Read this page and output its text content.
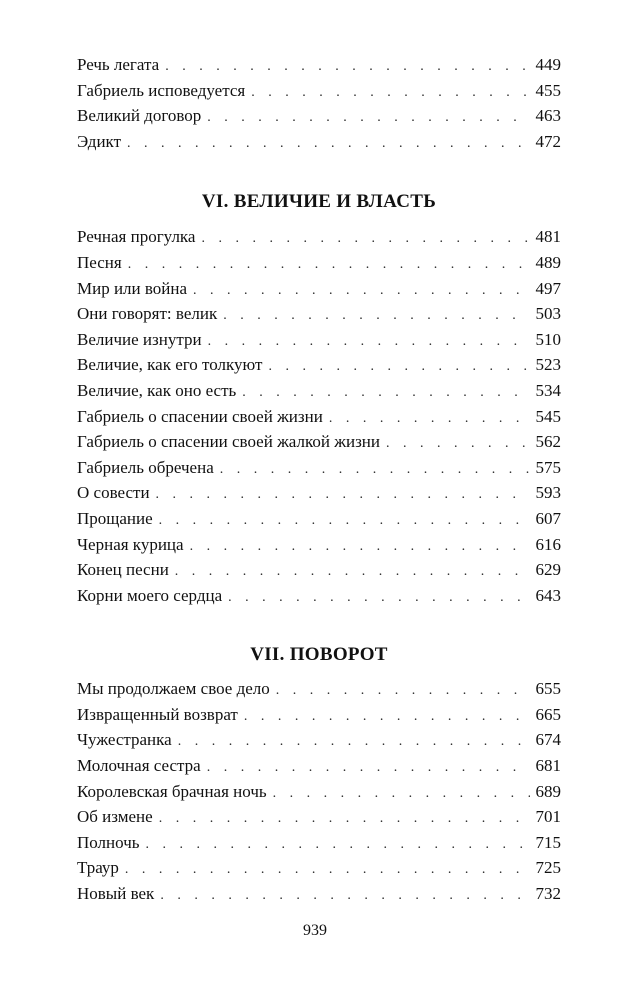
Речь легата . . .	449
Габриель исповедуется . . .	455
Великий договор . . .	463
Эдикт . . .	472
VI. ВЕЛИЧИЕ И ВЛАСТЬ
Речная прогулка . . .	481
Песня . . .	489
Мир или война . . .	497
Они говорят: велик . . .	503
Величие изнутри . . .	510
Величие, как его толкуют . . .	523
Величие, как оно есть . . .	534
Габриель о спасении своей жизни . . .	545
Габриель о спасении своей жалкой жизни . . .	562
Габриель обречена . . .	575
О совести . . .	593
Прощание . . .	607
Черная курица . . .	616
Конец песни . . .	629
Корни моего сердца . . .	643
VII. ПОВОРОТ
Мы продолжаем свое дело . . .	655
Извращенный возврат . . .	665
Чужестранка . . .	674
Молочная сестра . . .	681
Королевская брачная ночь . . .	689
Об измене . . .	701
Полночь . . .	715
Траур . . .	725
Новый век . . .	732
939
